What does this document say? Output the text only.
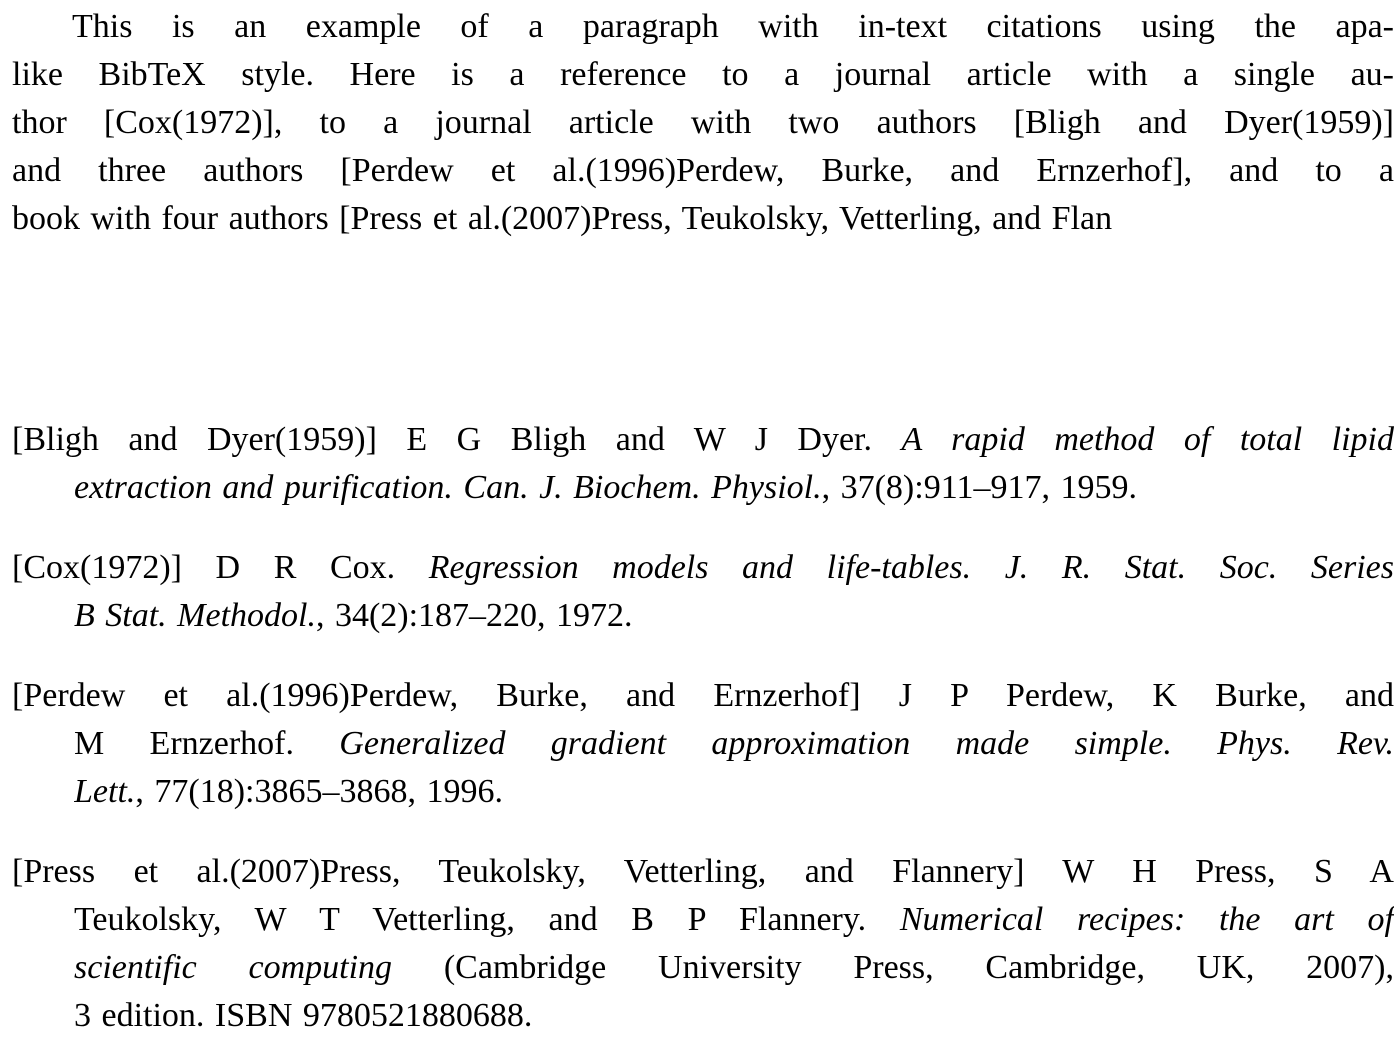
This is an example of a paragraph with in-text citations using the apa-
like BibTeX style. Here is a reference to a journal article with a single au-
thor [Cox(1972)], to a journal article with two authors [Bligh and Dyer(1959)]
and three authors [Perdew et al.(1996)Perdew, Burke, and Ernzerhof], and to a
book with four authors [Press et al.(2007)Press, Teukolsky, Vetterling, and Flan
[Bligh and Dyer(1959)] E G Bligh and W J Dyer. A rapid method of total lipid
extraction and purification. Can. J. Biochem. Physiol., 37(8):911–917, 1959.
[Cox(1972)] D R Cox. Regression models and life-tables. J. R. Stat. Soc. Series
B Stat. Methodol., 34(2):187–220, 1972.
[Perdew et al.(1996)Perdew, Burke, and Ernzerhof] J P Perdew, K Burke, and
M Ernzerhof. Generalized gradient approximation made simple. Phys. Rev.
Lett., 77(18):3865–3868, 1996.
[Press et al.(2007)Press, Teukolsky, Vetterling, and Flannery] W H Press, S A
Teukolsky, W T Vetterling, and B P Flannery. Numerical recipes: the art of
scientific computing (Cambridge University Press, Cambridge, UK, 2007),
3 edition. ISBN 9780521880688.
